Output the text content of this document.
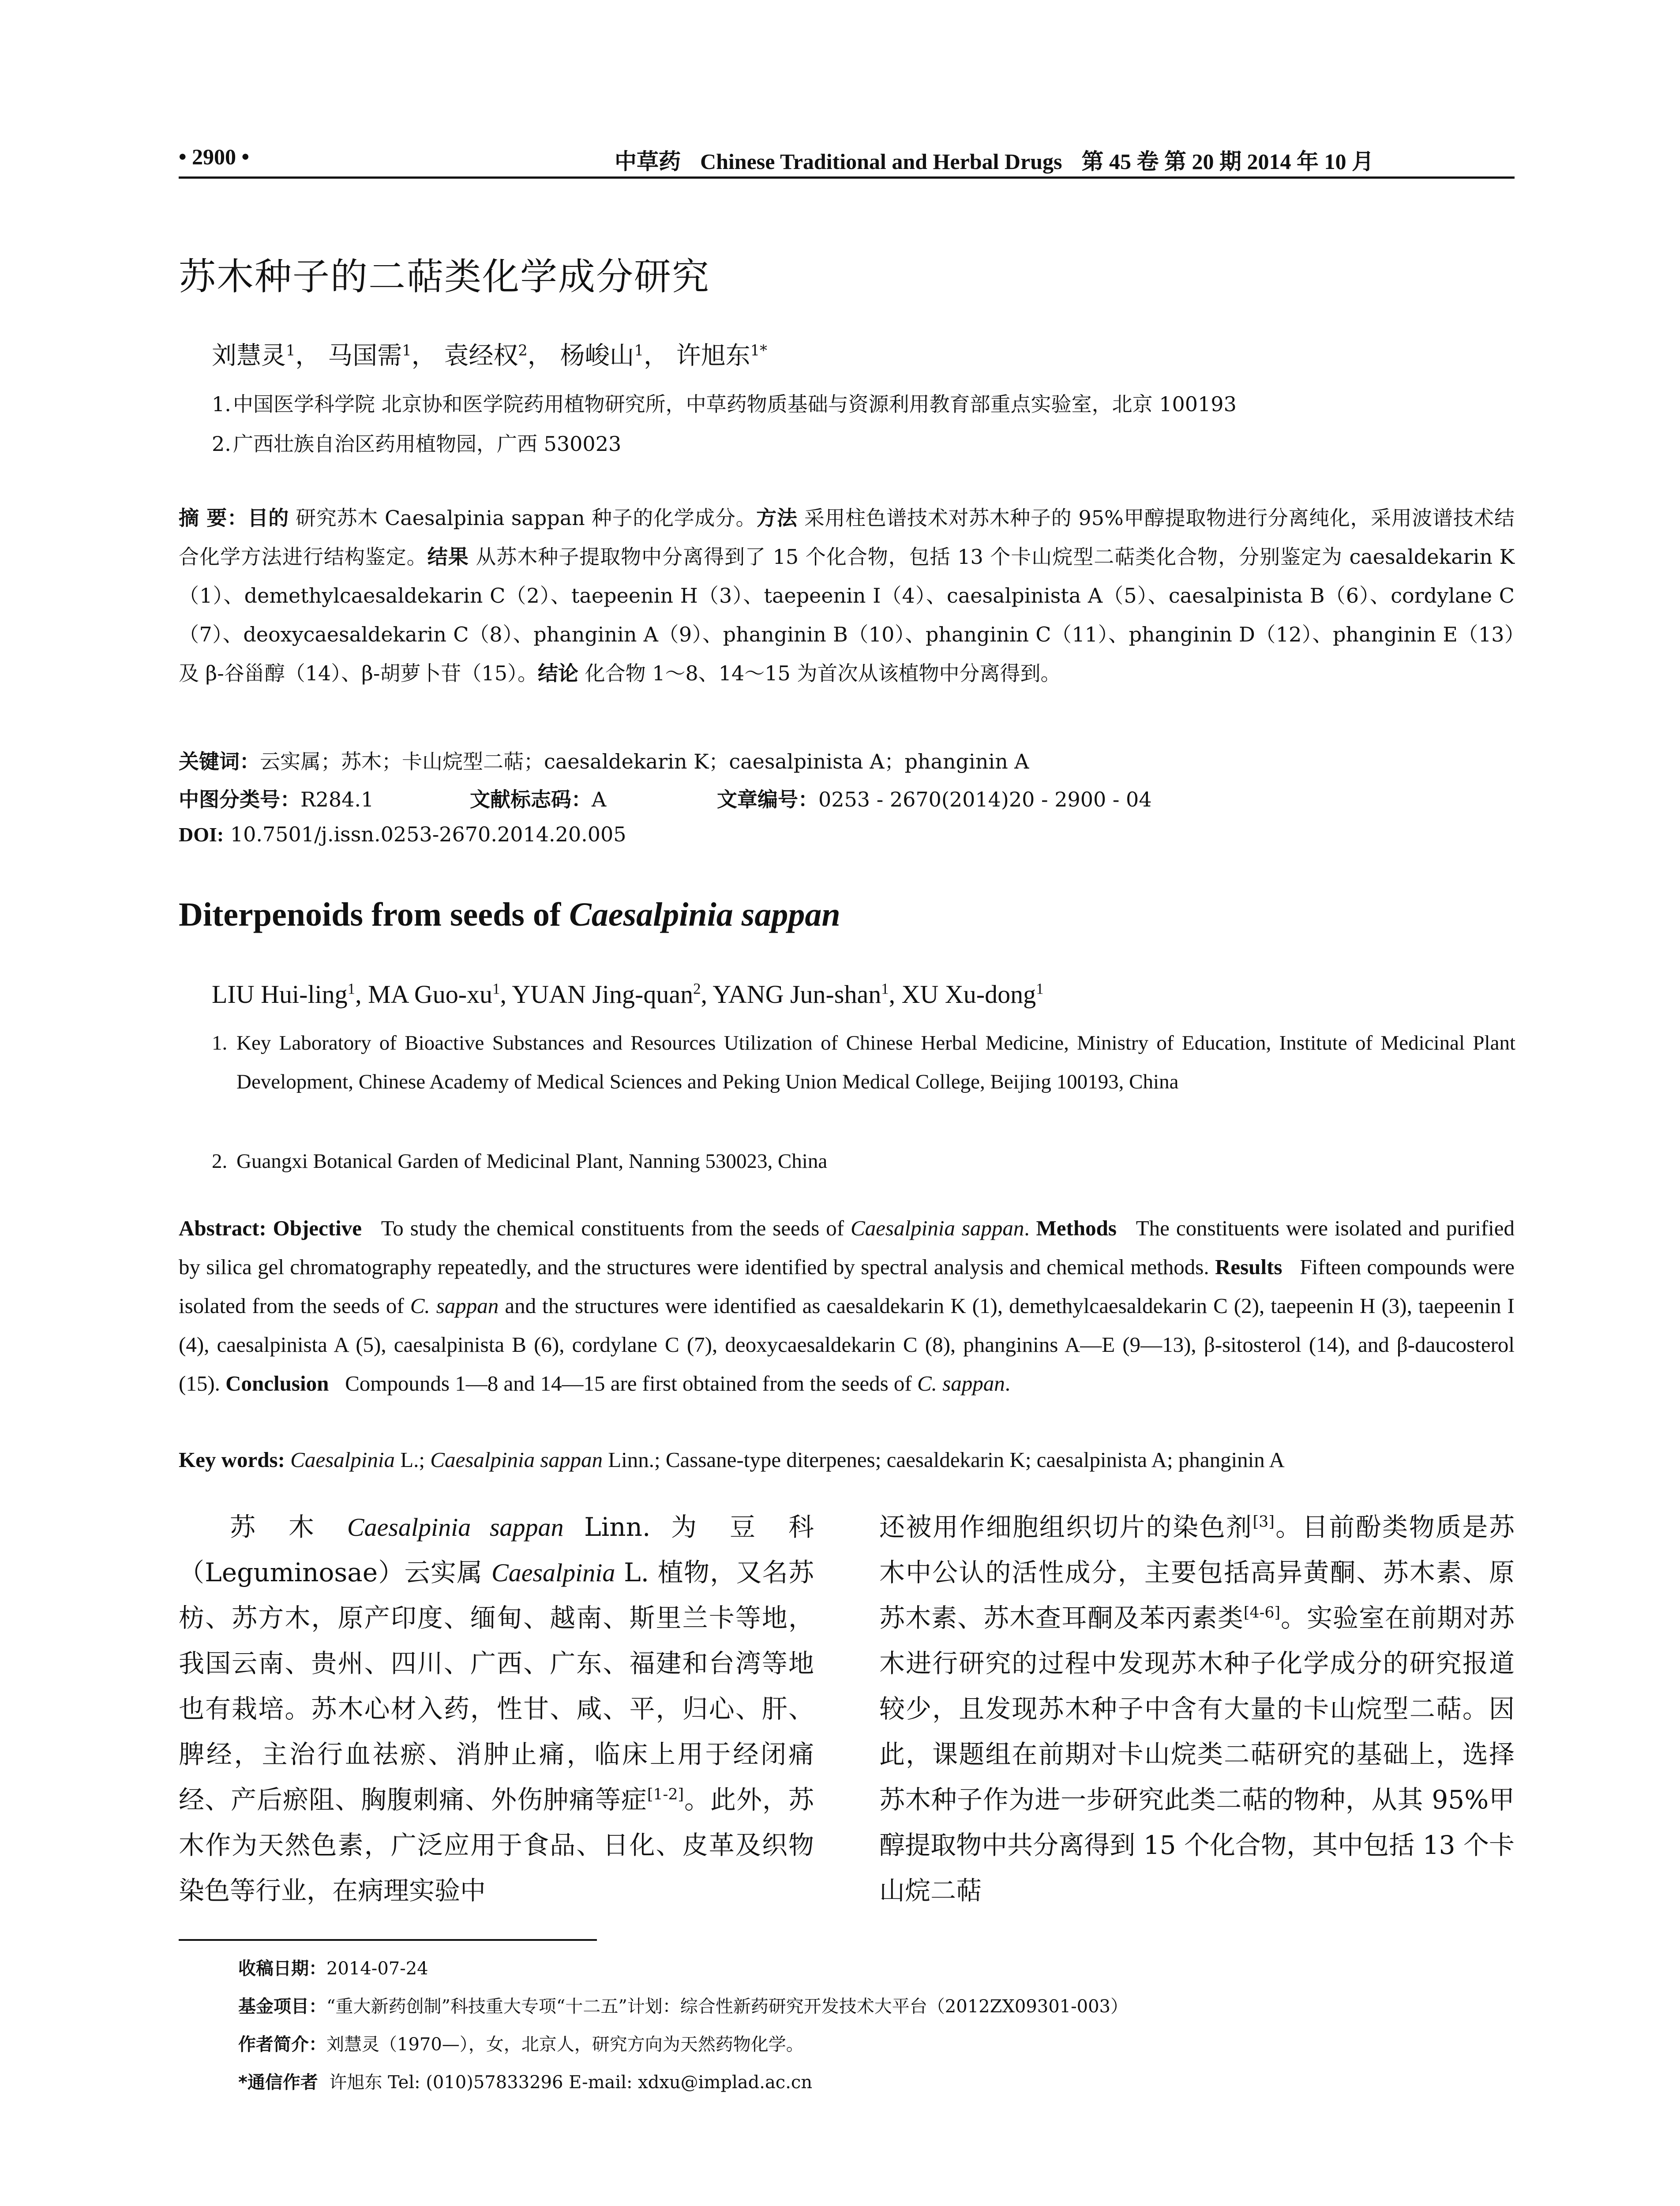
• 2900 •	中草药 Chinese Traditional and Herbal Drugs 第 45 卷 第 20 期 2014 年 10 月
苏木种子的二萜类化学成分研究
刘慧灵$^1$， 马国需$^1$， 袁经权$^2$， 杨峻山$^1$， 许旭东$^{1*}$
1.中国医学科学院 北京协和医学院药用植物研究所，中草药物质基础与资源利用教育部重点实验室，北京 100193
2.广西壮族自治区药用植物园，广西 530023
摘 要：目的 研究苏木 Caesalpinia sappan 种子的化学成分。方法 采用柱色谱技术对苏木种子的 95%甲醇提取物进行分离纯化，采用波谱技术结合化学方法进行结构鉴定。结果 从苏木种子提取物中分离得到了 15 个化合物，包括 13 个卡山烷型二萜类化合物，分别鉴定为 caesaldekarin K（1）、demethylcaesaldekarin C（2）、taepeenin H（3）、taepeenin I（4）、caesalpinista A（5）、caesalpinista B（6）、cordylane C（7）、deoxycaesaldekarin C（8）、phanginin A（9）、phanginin B（10）、phanginin C（11）、phanginin D（12）、phanginin E（13）及 β-谷甾醇（14）、β-胡萝卜苷（15）。结论 化合物 1～8、14～15 为首次从该植物中分离得到。
关键词：云实属；苏木；卡山烷型二萜；caesaldekarin K；caesalpinista A；phanginin A
中图分类号：R284.1	文献标志码：A	文章编号：0253 - 2670(2014)20 - 2900 - 04
DOI: 10.7501/j.issn.0253-2670.2014.20.005
Diterpenoids from seeds of Caesalpinia sappan
LIU Hui-ling$^1$, MA Guo-$xu^1$, YUAN Jing-quan$^2$, YANG Jun-shan$^1$, XU Xu-dong$^1$
1. Key Laboratory of Bioactive Substances and Resources Utilization of Chinese Herbal Medicine, Ministry of Education, Institute of Medicinal Plant Development, Chinese Academy of Medical Sciences and Peking Union Medical College, Beijing 100193, China
2. Guangxi Botanical Garden of Medicinal Plant, Nanning 530023, China
Abstract: Objective To study the chemical constituents from the seeds of Caesalpinia sappan. Methods The constituents were isolated and purified by silica gel chromatography repeatedly, and the structures were identified by spectral analysis and chemical methods. Results Fifteen compounds were isolated from the seeds of C. sappan and the structures were identified as caesaldekarin K (1), demethylcaesaldekarin C (2), taepeenin H (3), taepeenin I (4), caesalpinista A (5), caesalpinista B (6), cordylane C (7), deoxycaesaldekarin C (8), phanginins A—E (9—13), β-sitosterol (14), and β-daucosterol (15). Conclusion Compounds 1—8 and 14—15 are first obtained from the seeds of C. sappan.
Key words: Caesalpinia L.; Caesalpinia sappan Linn.; Cassane-type diterpenes; caesaldekarin K; caesalpinista A; phanginin A
苏 木 Caesalpinia sappan Linn. 为 豆 科（Leguminosae）云实属 Caesalpinia L. 植物，又名苏枋、苏方木，原产印度、缅甸、越南、斯里兰卡等地，我国云南、贵州、四川、广西、广东、福建和台湾等地也有栽培。苏木心材入药，性甘、咸、平，归心、肝、脾经，主治行血祛瘀、消肿止痛，临床上用于经闭痛经、产后瘀阻、胸腹刺痛、外伤肿痛等症[1-2]。此外，苏木作为天然色素，广泛应用于食品、日化、皮革及织物染色等行业，在病理实验中
还被用作细胞组织切片的染色剂[3]。目前酚类物质是苏木中公认的活性成分，主要包括高异黄酮、苏木素、原苏木素、苏木查耳酮及苯丙素类[4-6]。实验室在前期对苏木进行研究的过程中发现苏木种子化学成分的研究报道较少，且发现苏木种子中含有大量的卡山烷型二萜。因此，课题组在前期对卡山烷类二萜研究的基础上，选择苏木种子作为进一步研究此类二萜的物种，从其 95%甲醇提取物中共分离得到 15 个化合物，其中包括 13 个卡山烷二萜
收稿日期：2014-07-24
基金项目：“重大新药创制”科技重大专项“十二五”计划：综合性新药研究开发技术大平台（2012ZX09301-003）
作者简介：刘慧灵（1970—），女，北京人，研究方向为天然药物化学。
*通信作者 许旭东 Tel: (010)57833296 E-mail: xdxu@implad.ac.cn
